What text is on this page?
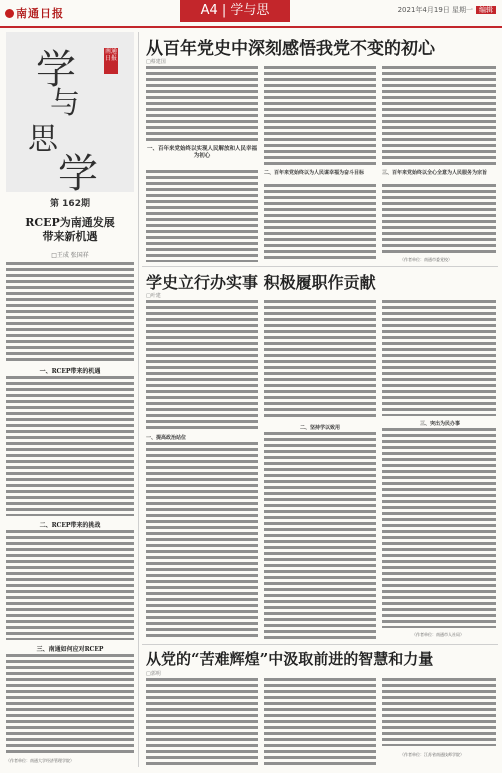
南通日报	A4 | 学与思	2021年4月19日 星期一 编辑
学
与
思
学
南通日报
第 162期
RCEP为南通发展
带来新机遇
□王成 张国祥
一、RCEP带来的机遇
二、RCEP带来的挑战
三、南通如何应对RCEP
（作者单位：南通大学经济管理学院）
从百年党史中深刻感悟我党不变的初心
□蔡建国
一、百年来党始终以实现人民解放和人民幸福为初心
二、百年来党始终以为人民谋幸福为奋斗目标	三、百年来党始终以全心全意为人民服务为宗旨
（作者单位：南通市委党校）
学史立行办实事 积极履职作贡献
□叶建
一、提高政治站位
二、坚持学以致用
三、突出为民办事
（作者单位：南通市人社局）
从党的“苦难辉煌”中汲取前进的智慧和力量
□郭明
（作者单位：江苏省南通技师学院）
